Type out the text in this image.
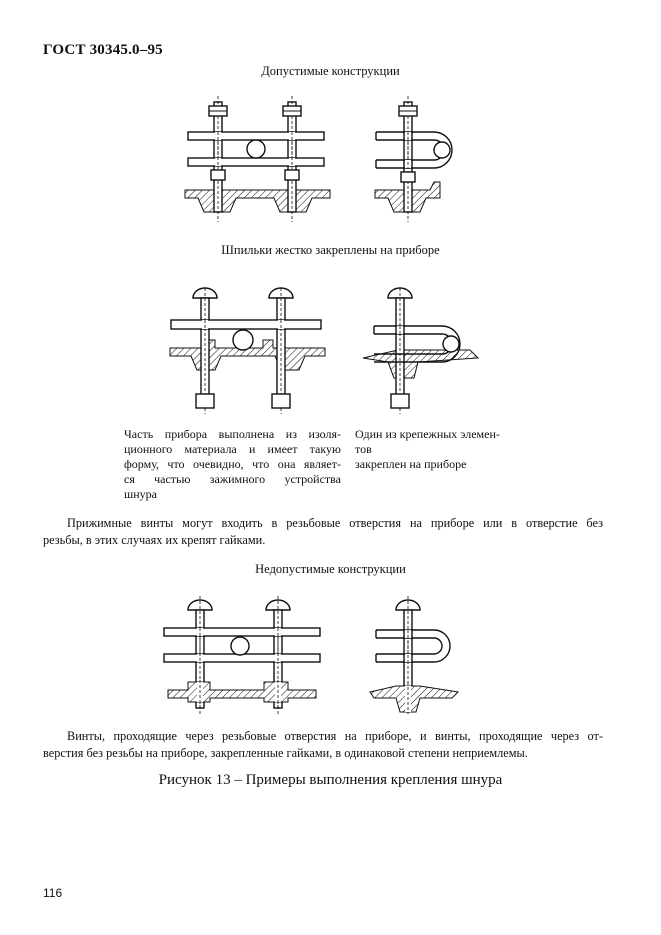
ГОСТ 30345.0–95
Допустимые конструкции
Шпильки жестко закреплены на приборе
Часть прибора выполнена из изоля-
ционного материала и имеет такую
форму, что очевидно, что она являет-
ся частью зажимного устройства
шнура
Один из крепежных элемен-
тов
закреплен на приборе
Прижимные винты могут входить в резьбовые отверстия на приборе или в отверстие без
резьбы, в этих случаях их крепят гайками.
Недопустимые конструкции
Винты, проходящие через резьбовые отверстия на приборе, и винты, проходящие через от-
верстия без резьбы на приборе, закрепленные гайками, в одинаковой степени неприемлемы.
Рисунок 13 – Примеры выполнения крепления шнура
116
